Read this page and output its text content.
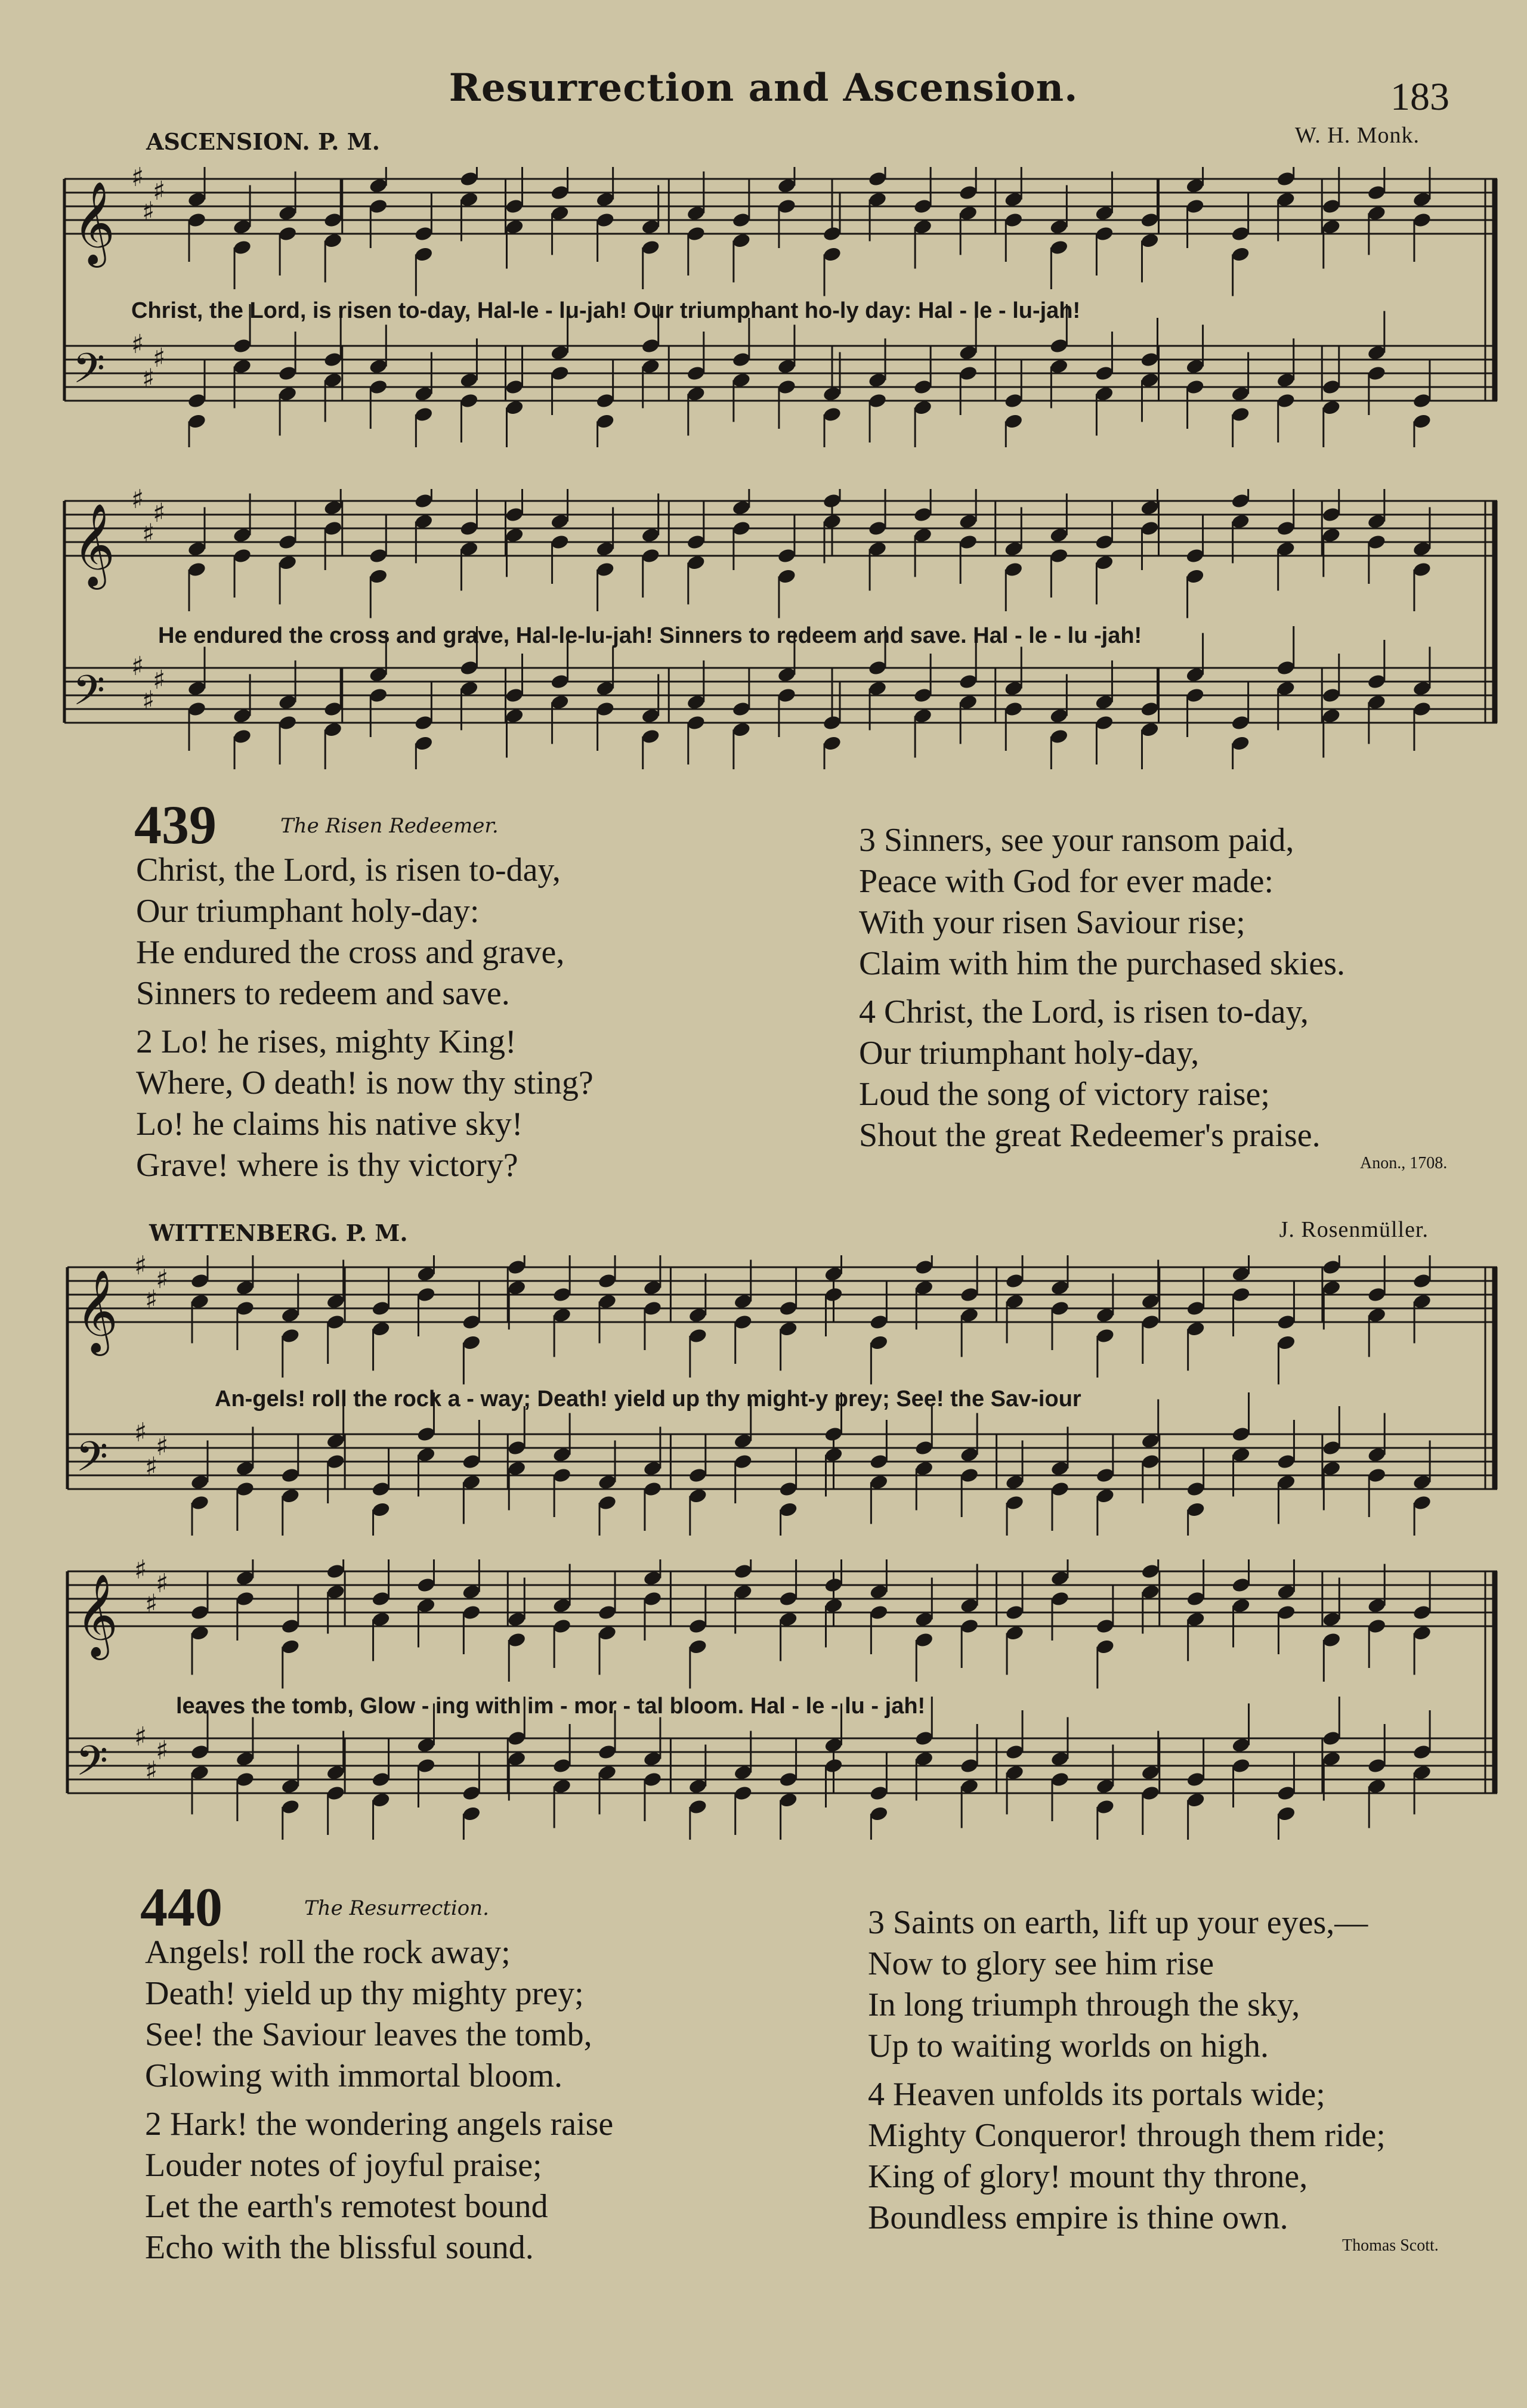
Resurrection and Ascension.	183
ASCENSION. P. M.	W. H. Monk.
𝄞
♯
♯
♯
𝄢 ♯
♯
♯
Christ, the Lord, is risen to-day, Hal-le - lu-jah! Our triumphant ho-ly day: Hal - le - lu-jah!
𝄞
♯
♯
♯
𝄢 ♯
♯
♯
He endured the cross and grave, Hal-le-lu-jah! Sinners to redeem and save. Hal - le - lu -jah!
439	The Risen Redeemer.
Christ, the Lord, is risen to-day,
Our triumphant holy-day:
He endured the cross and grave,
Sinners to redeem and save.
2 Lo! he rises, mighty King!
Where, O death! is now thy sting?
Lo! he claims his native sky!
Grave! where is thy victory?
3 Sinners, see your ransom paid,
Peace with God for ever made:
With your risen Saviour rise;
Claim with him the purchased skies.
4 Christ, the Lord, is risen to-day,
Our triumphant holy-day,
Loud the song of victory raise;
Shout the great Redeemer's praise.
Anon., 1708.
WITTENBERG. P. M.	J. Rosenmüller.
𝄞
♯
♯
♯
𝄢 ♯
♯
♯
An-gels! roll the rock a - way; Death! yield up thy might-y prey; See! the Sav-iour
𝄞
♯
♯
♯
𝄢 ♯
♯
♯
leaves the tomb, Glow - ing with im - mor - tal bloom. Hal - le - lu - jah!
440	The Resurrection.
Angels! roll the rock away;
Death! yield up thy mighty prey;
See! the Saviour leaves the tomb,
Glowing with immortal bloom.
2 Hark! the wondering angels raise
Louder notes of joyful praise;
Let the earth's remotest bound
Echo with the blissful sound.
3 Saints on earth, lift up your eyes,—
Now to glory see him rise
In long triumph through the sky,
Up to waiting worlds on high.
4 Heaven unfolds its portals wide;
Mighty Conqueror! through them ride;
King of glory! mount thy throne,
Boundless empire is thine own.
Thomas Scott.
